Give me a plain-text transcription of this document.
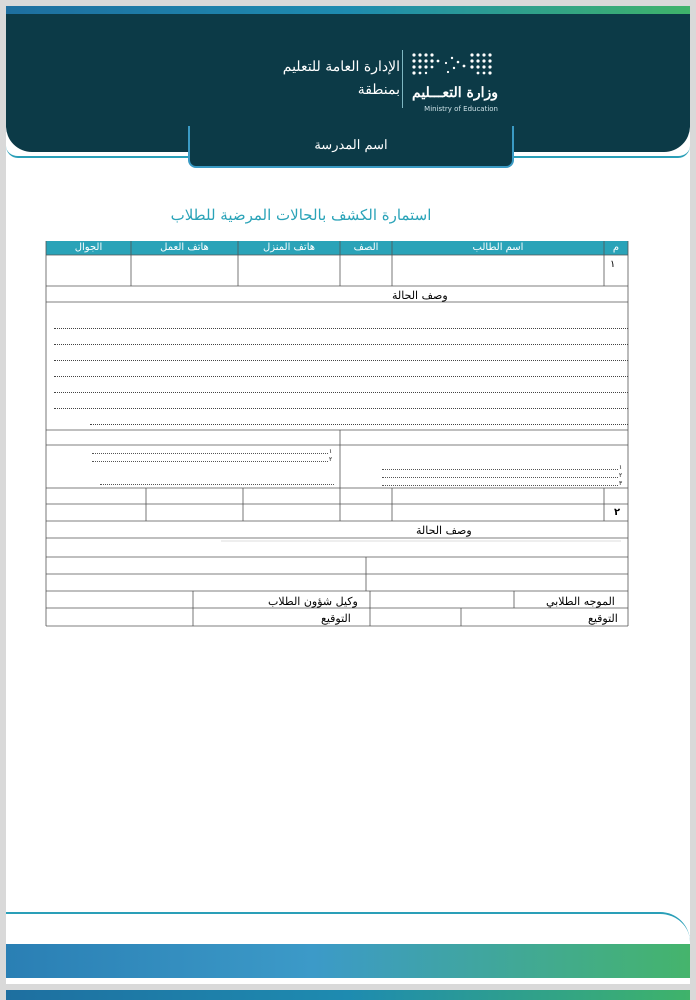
الإدارة العامة للتعليم
بمنطقة وزارة التعـــليم
Ministry of Education
اسم المدرسة
استمارة الكشف بالحالات المرضية للطلاب
م
اسم الطالب
الصف
هاتف المنزل
هاتف العمل
الجوال
١
وصف الحالة
١
٢
١
٢
٣
٢
وصف الحالة
الموجه الطلابي
وكيل شؤون الطلاب
التوقيع
التوقيع
